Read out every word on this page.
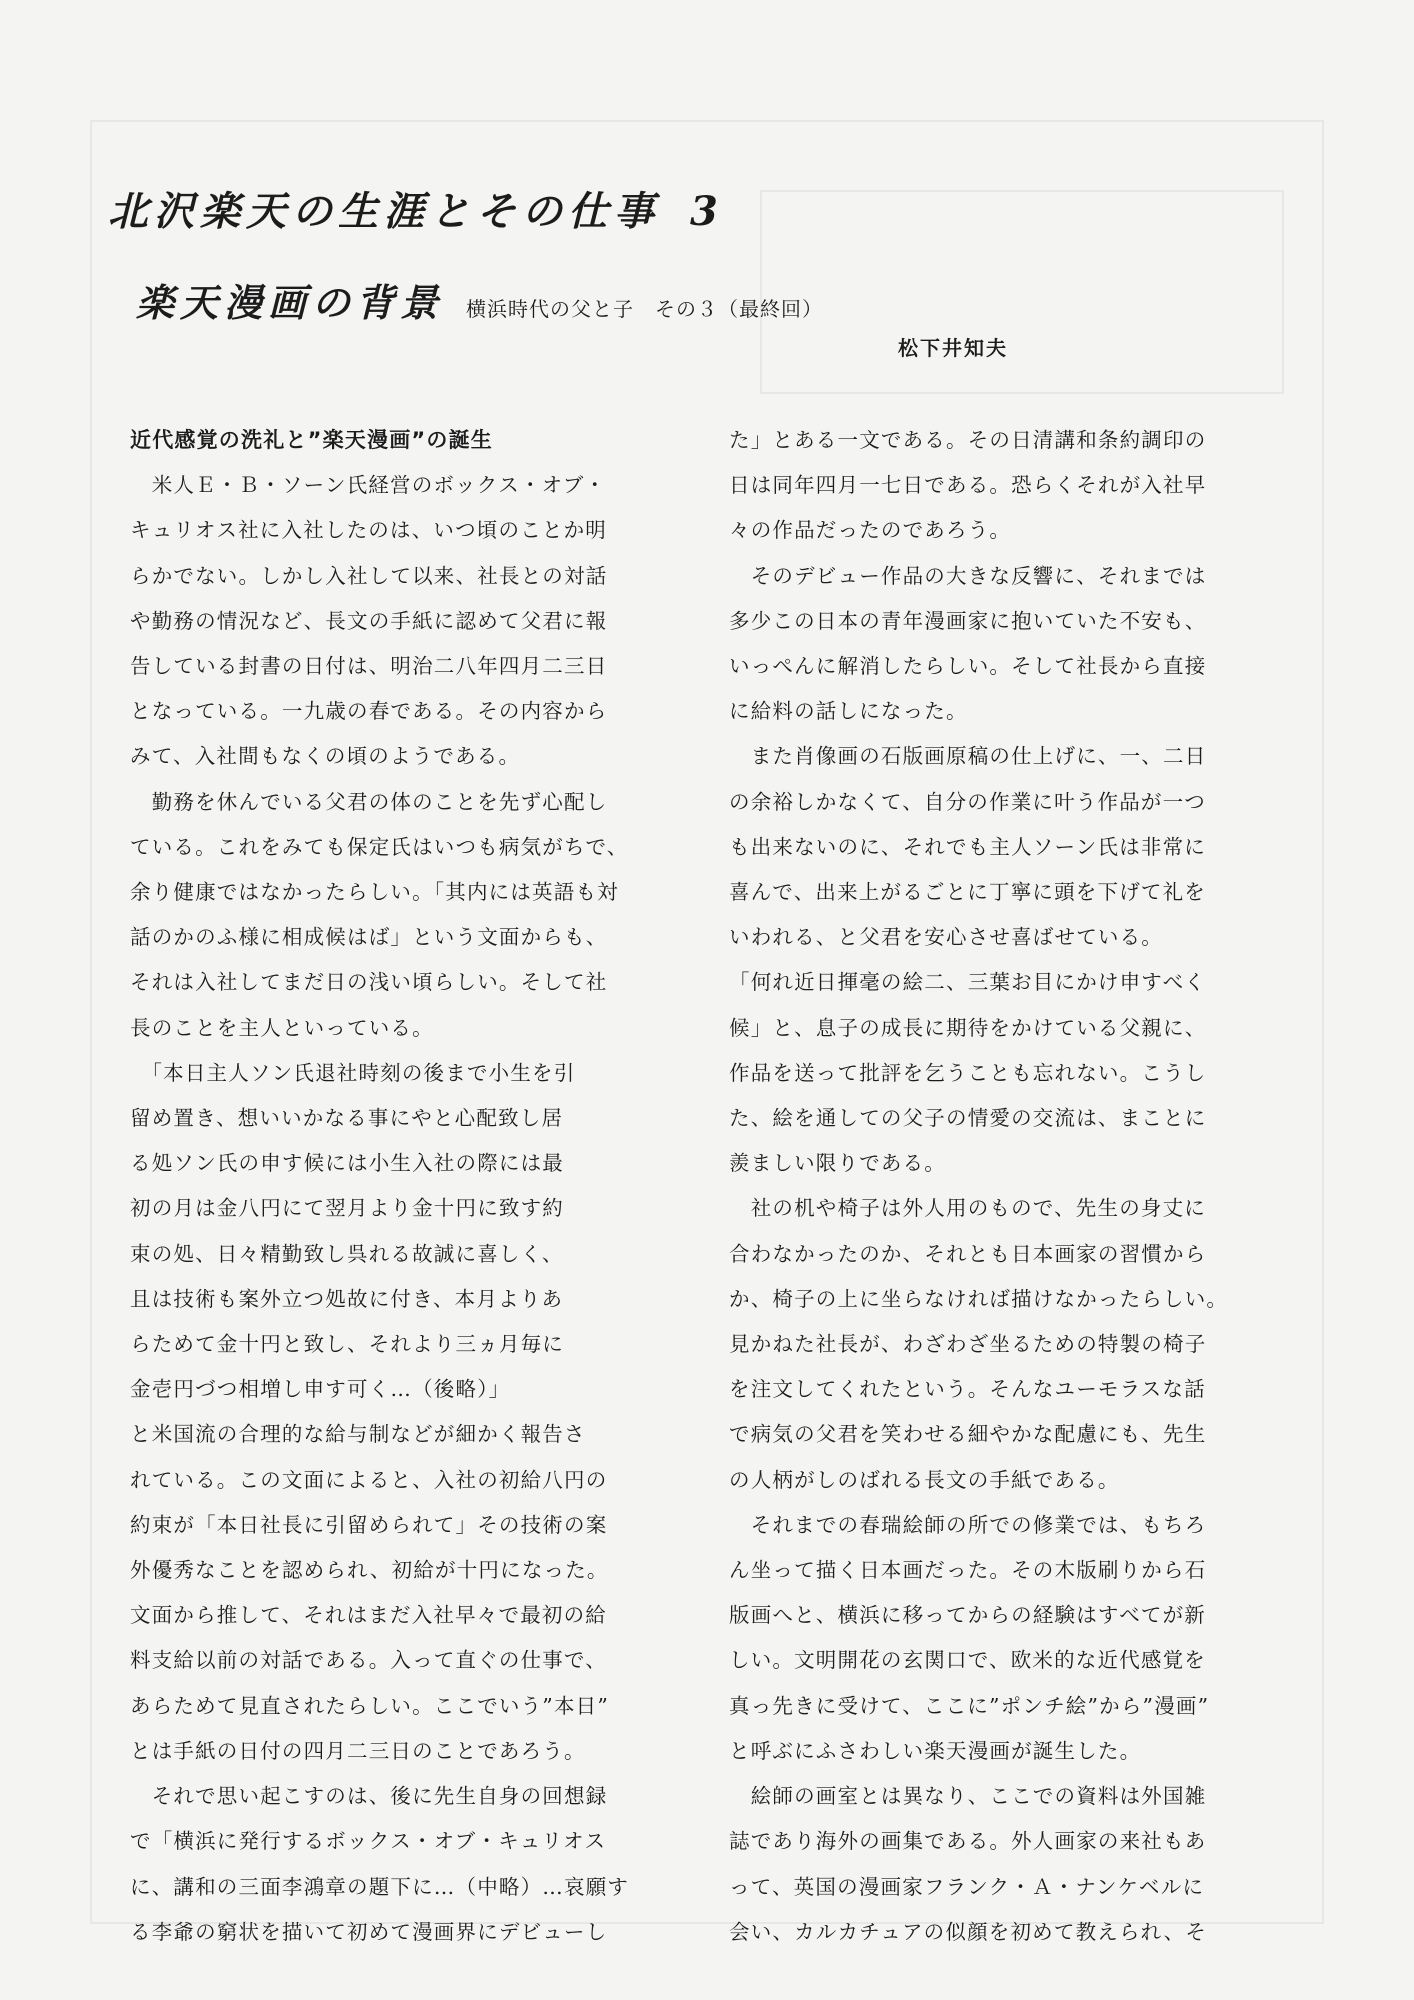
北沢楽天の生涯とその仕事 3
楽天漫画の背景 横浜時代の父と子　その３（最終回）
松下井知夫

近代感覚の洗礼と”楽天漫画”の誕生

　米人Ｅ・Ｂ・ソーン氏経営のボックス・オブ・
キュリオス社に入社したのは、いつ頃のことか明
らかでない。しかし入社して以来、社長との対話
や勤務の情況など、長文の手紙に認めて父君に報
告している封書の日付は、明治二八年四月二三日
となっている。一九歳の春である。その内容から
みて、入社間もなくの頃のようである。

　勤務を休んでいる父君の体のことを先ず心配し
ている。これをみても保定氏はいつも病気がちで、
余り健康ではなかったらしい。「其内には英語も対
話のかのふ様に相成候はば」という文面からも、
それは入社してまだ日の浅い頃らしい。そして社
長のことを主人といっている。

　「本日主人ソン氏退社時刻の後まで小生を引
留め置き、想いいかなる事にやと心配致し居
る処ソン氏の申す候には小生入社の際には最
初の月は金八円にて翌月より金十円に致す約
束の処、日々精勤致し呉れる故誠に喜しく、
且は技術も案外立つ処故に付き、本月よりあ
らためて金十円と致し、それより三ヵ月毎に
金壱円づつ相増し申す可く…（後略）」
と米国流の合理的な給与制などが細かく報告さ
れている。この文面によると、入社の初給八円の
約束が「本日社長に引留められて」その技術の案
外優秀なことを認められ、初給が十円になった。
文面から推して、それはまだ入社早々で最初の給
料支給以前の対話である。入って直ぐの仕事で、
あらためて見直されたらしい。ここでいう”本日”
とは手紙の日付の四月二三日のことであろう。

　それで思い起こすのは、後に先生自身の回想録
で「横浜に発行するボックス・オブ・キュリオス
に、講和の三面李鴻章の題下に…（中略）…哀願す
る李爺の窮状を描いて初めて漫画界にデビューし

た」とある一文である。その日清講和条約調印の
日は同年四月一七日である。恐らくそれが入社早
々の作品だったのであろう。

　そのデビュー作品の大きな反響に、それまでは
多少この日本の青年漫画家に抱いていた不安も、
いっぺんに解消したらしい。そして社長から直接
に給料の話しになった。

　また肖像画の石版画原稿の仕上げに、一、二日
の余裕しかなくて、自分の作業に叶う作品が一つ
も出来ないのに、それでも主人ソーン氏は非常に
喜んで、出来上がるごとに丁寧に頭を下げて礼を
いわれる、と父君を安心させ喜ばせている。

「何れ近日揮毫の絵二、三葉お目にかけ申すべく
候」と、息子の成長に期待をかけている父親に、
作品を送って批評を乞うことも忘れない。こうし
た、絵を通しての父子の情愛の交流は、まことに
羨ましい限りである。

　社の机や椅子は外人用のもので、先生の身丈に
合わなかったのか、それとも日本画家の習慣から
か、椅子の上に坐らなければ描けなかったらしい。
見かねた社長が、わざわざ坐るための特製の椅子
を注文してくれたという。そんなユーモラスな話
で病気の父君を笑わせる細やかな配慮にも、先生
の人柄がしのばれる長文の手紙である。

　それまでの春瑞絵師の所での修業では、もちろ
ん坐って描く日本画だった。その木版刷りから石
版画へと、横浜に移ってからの経験はすべてが新
しい。文明開花の玄関口で、欧米的な近代感覚を
真っ先きに受けて、ここに”ポンチ絵”から”漫画”
と呼ぶにふさわしい楽天漫画が誕生した。

　絵師の画室とは異なり、ここでの資料は外国雑
誌であり海外の画集である。外人画家の来社もあ
って、英国の漫画家フランク・Ａ・ナンケベルに
会い、カルカチュアの似顔を初めて教えられ、そ
